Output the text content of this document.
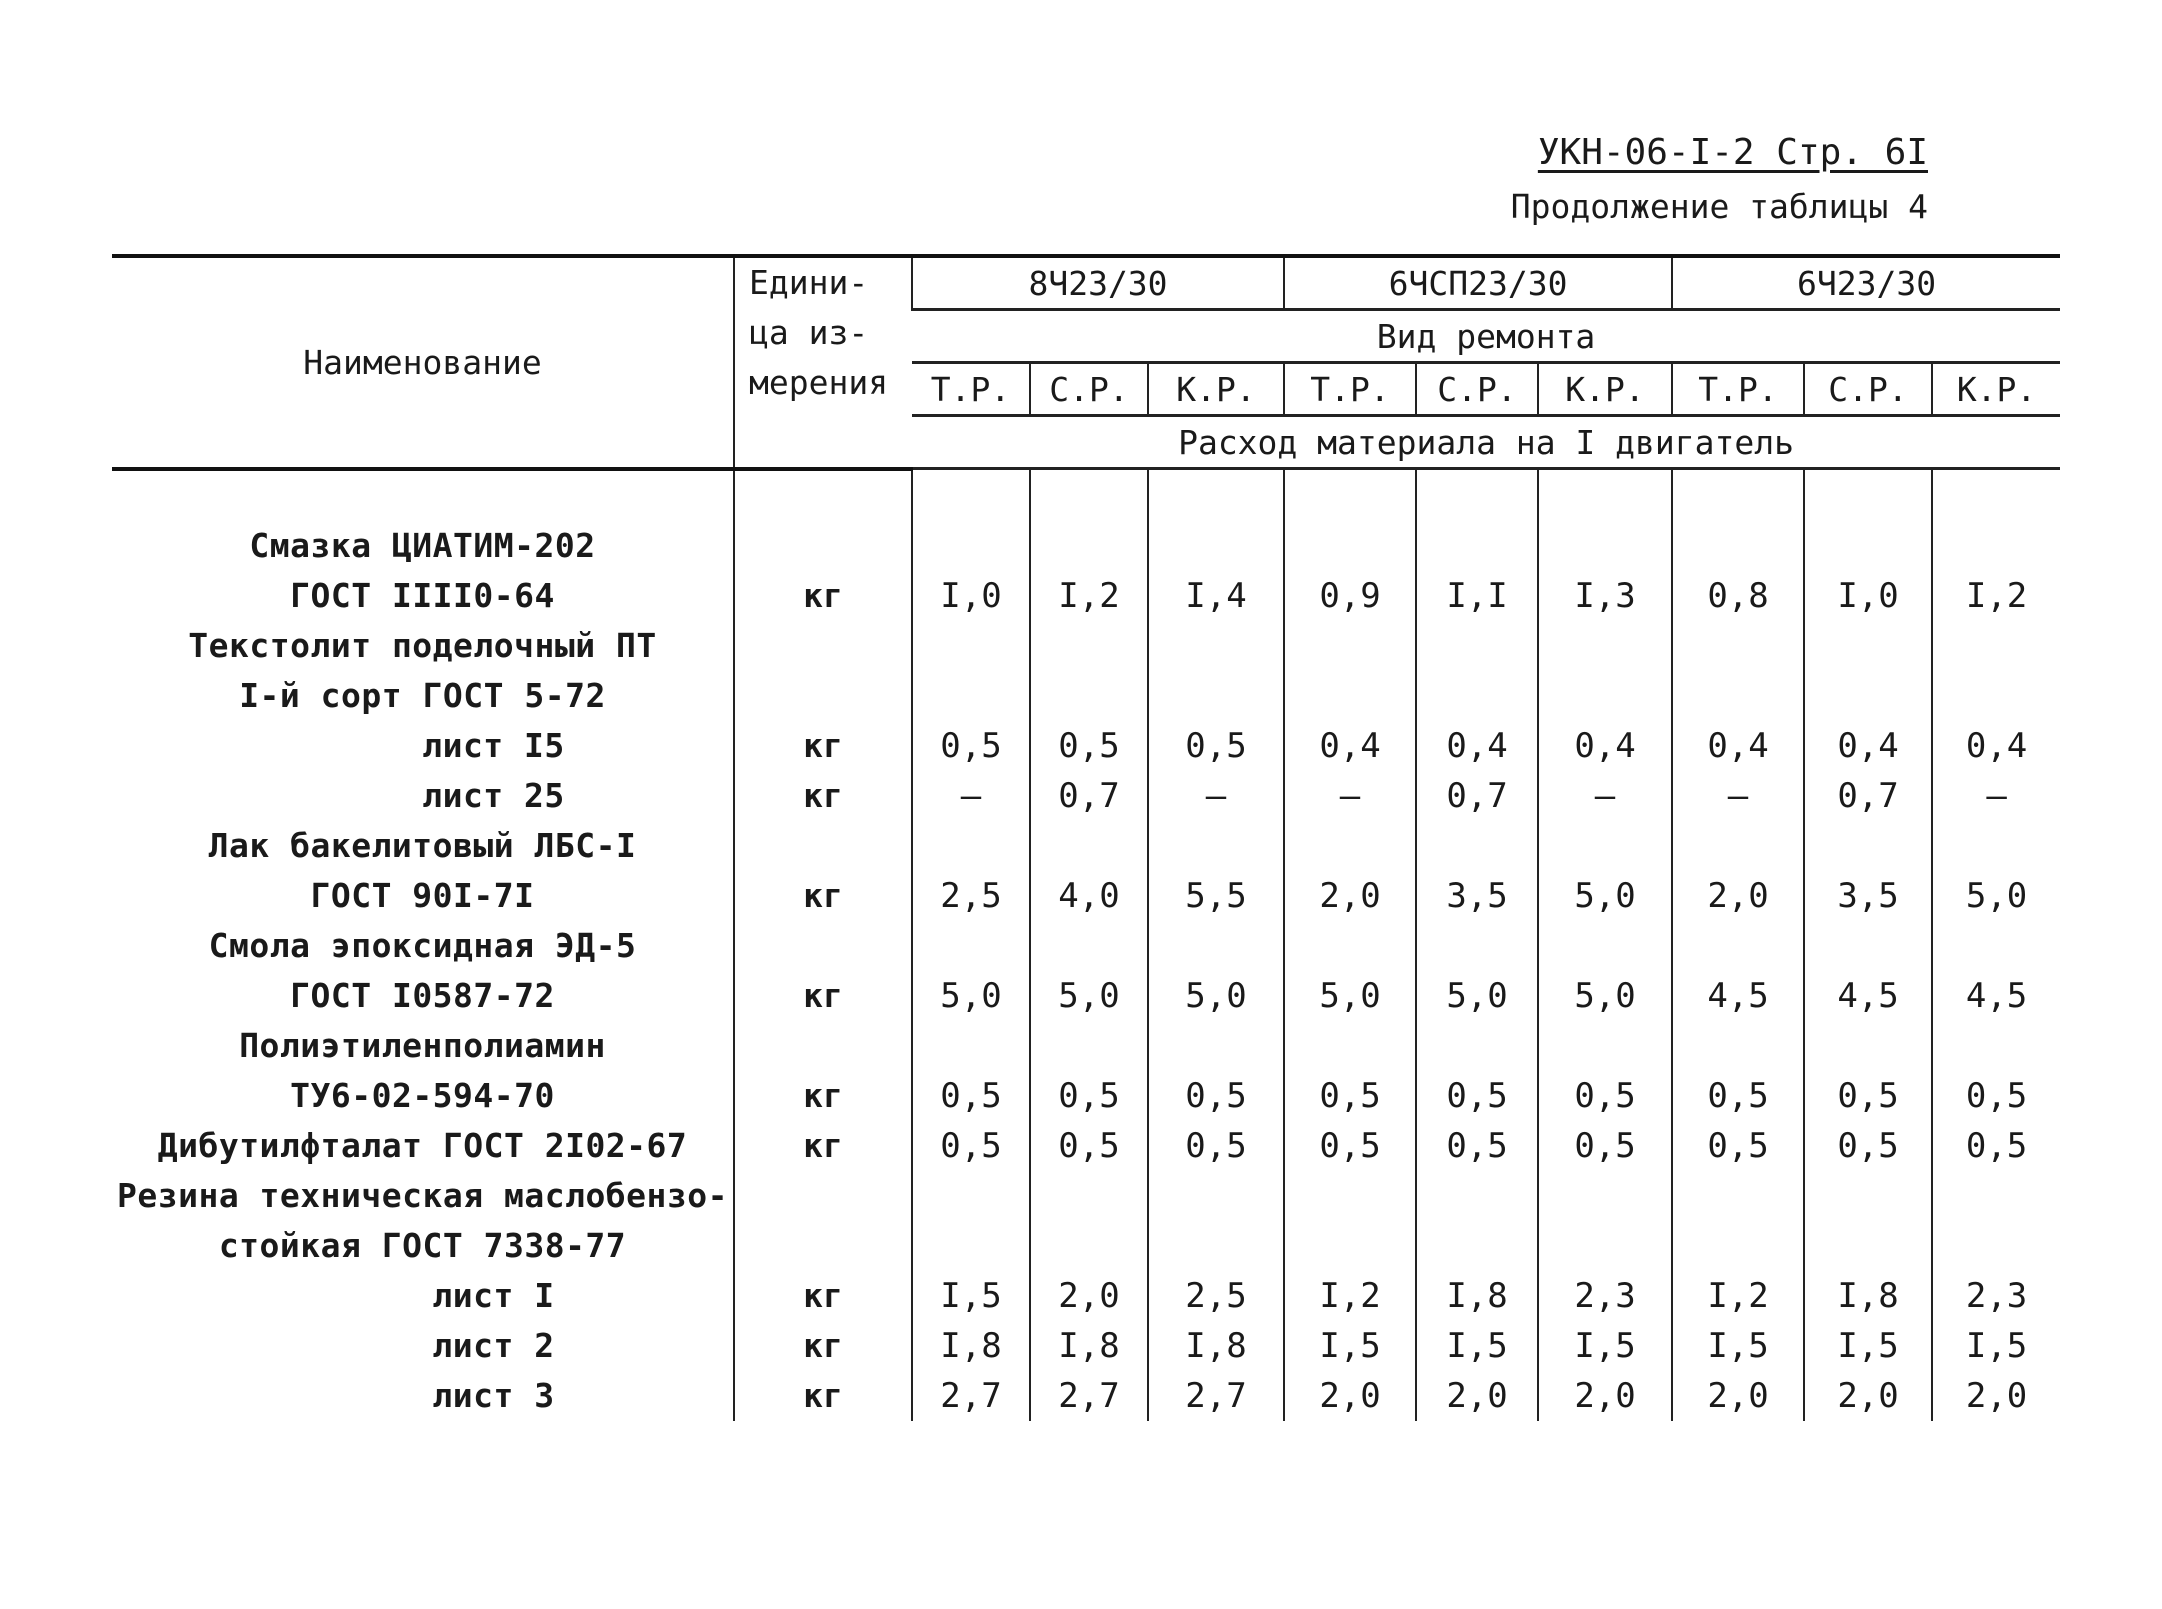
УКН-06-I-2 Стр. 6I
Продолжение таблицы 4
Наименование	Едини-
ца из-
мерения	8Ч23/30			6ЧСП23/30			6Ч23/30		
		Вид ремонта								
		Т.Р.	С.Р.	К.Р.	Т.Р.	С.Р.	К.Р.	Т.Р.	С.Р.	К.Р.
		Расход материала на I двигатель								

Смазка ЦИАТИМ-202										
ГОСТ IIII0-64	кг	I,0	I,2	I,4	0,9	I,I	I,3	0,8	I,0	I,2
Текстолит поделочный ПТ										
I-й сорт ГОСТ 5-72										
лист I5	кг	0,5	0,5	0,5	0,4	0,4	0,4	0,4	0,4	0,4
лист 25	кг	–	0,7	–	–	0,7	–	–	0,7	–
Лак бакелитовый ЛБС-I										
ГОСТ 90I-7I	кг	2,5	4,0	5,5	2,0	3,5	5,0	2,0	3,5	5,0
Смола эпоксидная ЭД-5										
ГОСТ I0587-72	кг	5,0	5,0	5,0	5,0	5,0	5,0	4,5	4,5	4,5
Полиэтиленполиамин										
ТУ6-02-594-70	кг	0,5	0,5	0,5	0,5	0,5	0,5	0,5	0,5	0,5
Дибутилфталат ГОСТ 2I02-67	кг	0,5	0,5	0,5	0,5	0,5	0,5	0,5	0,5	0,5
Резина техническая маслобензо-										
стойкая ГОСТ 7338-77										
лист I	кг	I,5	2,0	2,5	I,2	I,8	2,3	I,2	I,8	2,3
лист 2	кг	I,8	I,8	I,8	I,5	I,5	I,5	I,5	I,5	I,5
лист 3	кг	2,7	2,7	2,7	2,0	2,0	2,0	2,0	2,0	2,0
